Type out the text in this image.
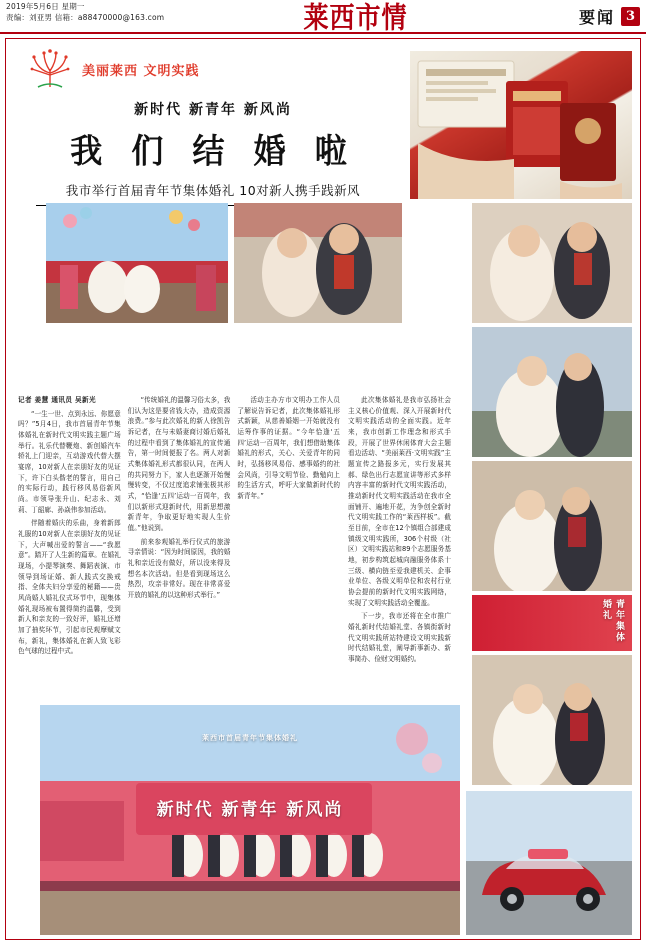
2019年5月6日 星期一
责编：刘亚男 信箱：a88470000@163.com	莱西市情	要闻 3
美丽莱西 文明实践
新时代 新青年 新风尚
我 们 结 婚 啦
我市举行首届青年节集体婚礼 10对新人携手践新风
青年集体婚礼

记者 姜慧 通讯员 吴新光

“一生一世、点到永远、你愿意吗？”5月4日，我市首届青年节集体婚礼在新时代文明实践主题广场举行。礼乐代替鞭炮、新创婚汽车轿礼上门迎亲，互动游戏代替大摆宴席，10对新人在亲朋好友的见证下，许下白头偕老的誓言，用自己的实际行动，践行移风易俗新风尚。市领导张升山、纪志永、刘莉、丁韶廊、孙焱伟参加活动。

伴随着婚庆的乐曲，身着新郎礼服的10对新人在亲朋好友的见证下，大声喊出爱的誓言——“我愿意”。踏开了人生新的篇章。在婚礼现场，小提琴演奏、舞蹈表演、市领导到场证婚、新人践式交换戒指、全体夫妇分享爱的秘籍——贵风尚婚人婚礼仪式环节中，现集体婚礼现场被布置得简约温馨，受到新人和亲友的一致好评，婚礼还增加了抽奖环节，引起市民观摩赋文布，新礼，集体婚礼在新人致飞彩色气球的过程中式。

“传统婚礼的温馨习俗太多，我们认为这是要省钱大办，造成资源浪费。”参与此次婚礼的新人徐凯告诉记者，在与未婚妻商讨婚后婚礼的过程中看到了集体婚礼的宣传通告，第一时间便报了名。两人对新式集体婚礼形式都很认同，在两人的共同努力下，家人也逐渐开始慢慢转变，不仅过度追求铺张极其形式，“恰逢‘五四’运动一百周年，我们以新形式迎新时代，用新思想激新青年，争取更好地实现人生价值。”他说到。

前来参观婚礼举行仪式的旅游寻亲情说：“因为时间原因，我的婚礼和亲近没有做好，所以没来得及想名本次活动。但是看到现场这么热烈，攻亲非常好。现在非常喜爱开放的婚礼的以这种形式举行。”

活动主办方市文明办工作人员了解说告诉记者，此次集体婚礼形式新颖，从慈善婚姻一开始就没有运筹作事的证据。“今年恰逢‘五四’运动一百周年，我们想借助集体婚礼的形式，关心、关爱青年的同时，弘扬移风易俗、感事婚约的社会风尚，引导文明节俭、勤勉向上的生活方式，呼吁大家做新时代的新青年。”

此次集体婚礼是我市弘扬社会主义核心价值观、深入开展新时代文明实践活动的全面实践。近年来，我市创新工作理念和形式手段，开展了世界休闲体育大会主题看边活动、“美丽莱西·文明实践”主题宣传之路报多元，实行发展其郝、绿色出行志愿宣讲等形式多样内容丰富的新时代文明实践活动，推动新时代文明实践活动在我市全面铺开、遍地开花，为争创全新时代文明实践工作的“莱西样板”。截至目前，全市在12个镇组合部建成镇级文明实践所，306个村级（社区）文明实践站和89个志愿服务基地，初步构筑起城向融服务体系十三级、横向链至爱我建机关、企事业单位、各级义明单位和农村行业协会提前的新时代文明实践网络，实现了文明实践活动全覆盖。

下一步，我市还将在全市推广婚礼新时代结婚礼堂、各镇街新时代文明实践所站特建设文明实践新时代结婚礼堂，阐导新事新办、新事简办、俭财文明婚约。

莱西市首届青年节集体婚礼
新时代 新青年 新风尚
